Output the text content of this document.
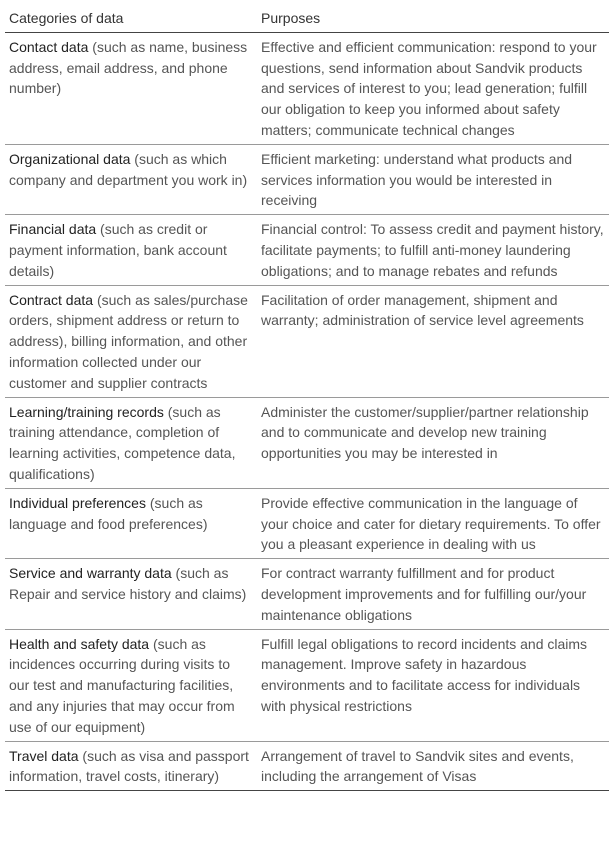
Categories of data	Purposes
Contact data (such as name, business address, email address, and phone number)	Effective and efficient communication: respond to your questions, send information about Sandvik products and services of interest to you; lead generation; fulfill our obligation to keep you informed about safety matters; communicate technical changes
Organizational data (such as which company and department you work in)	Efficient marketing: understand what products and services information you would be interested in receiving
Financial data (such as credit or payment information, bank account details)	Financial control: To assess credit and payment history, facilitate payments; to fulfill anti-money laundering obligations; and to manage rebates and refunds
Contract data (such as sales/purchase orders, shipment address or return to address), billing information, and other information collected under our customer and supplier contracts	Facilitation of order management, shipment and warranty; administration of service level agreements
Learning/training records (such as training attendance, completion of learning activities, competence data, qualifications)	Administer the customer/supplier/partner relationship and to communicate and develop new training opportunities you may be interested in
Individual preferences (such as language and food preferences)	Provide effective communication in the language of your choice and cater for dietary requirements. To offer you a pleasant experience in dealing with us
Service and warranty data (such as Repair and service history and claims)	For contract warranty fulfillment and for product development improvements and for fulfilling our/your maintenance obligations
Health and safety data (such as incidences occurring during visits to our test and manufacturing facilities, and any injuries that may occur from use of our equipment)	Fulfill legal obligations to record incidents and claims management. Improve safety in hazardous environments and to facilitate access for individuals with physical restrictions
Travel data (such as visa and passport information, travel costs, itinerary)	Arrangement of travel to Sandvik sites and events, including the arrangement of Visas
